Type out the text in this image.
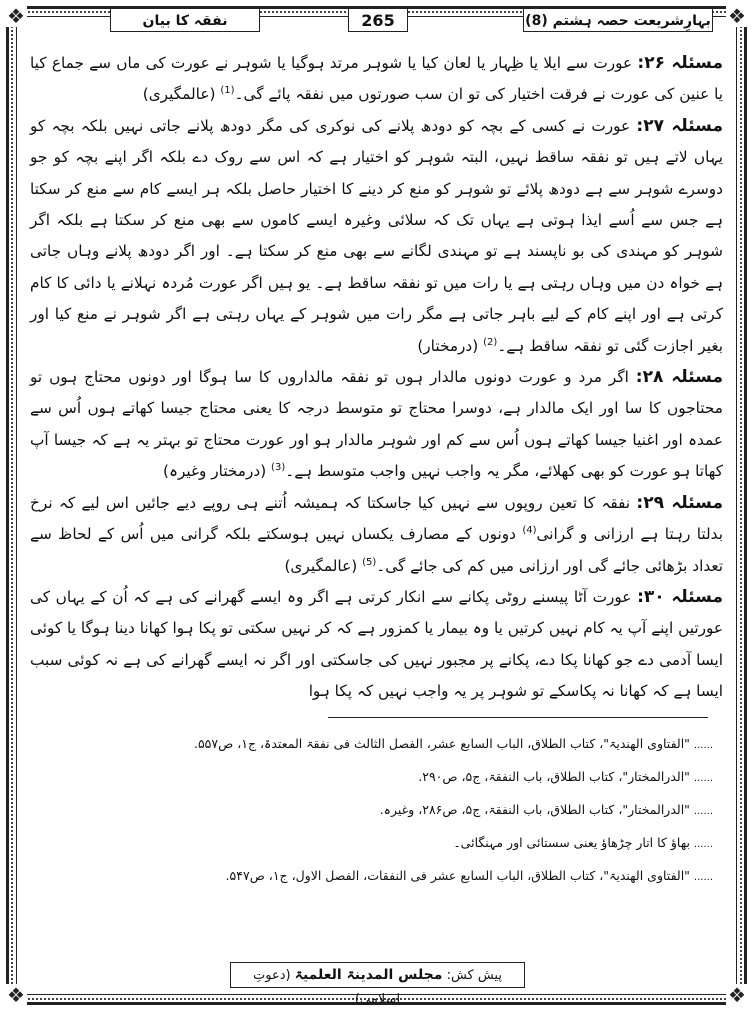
❖	❖
❖	❖
بہارِشریعت حصہ ہشتم (8)
265
نفقہ کا بیان

مسئلہ ۲۶: عورت سے ایلا یا ظِہار یا لعان کیا یا شوہر مرتد ہوگیا یا شوہر نے عورت کی ماں سے جماع کیا یا عنین کی عورت نے فرقت اختیار کی تو ان سب صورتوں میں نفقہ پائے گی۔$^{(1)}$ (عالمگیری)

مسئلہ ۲۷: عورت نے کسی کے بچہ کو دودھ پلانے کی نوکری کی مگر دودھ پلانے جاتی نہیں بلکہ بچہ کو یہاں لاتے ہیں تو نفقہ ساقط نہیں، البتہ شوہر کو اختیار ہے کہ اس سے روک دے بلکہ اگر اپنے بچہ کو جو دوسرے شوہر سے ہے دودھ پلائے تو شوہر کو منع کر دینے کا اختیار حاصل بلکہ ہر ایسے کام سے منع کر سکتا ہے جس سے اُسے ایذا ہوتی ہے یہاں تک کہ سلائی وغیرہ ایسے کاموں سے بھی منع کر سکتا ہے بلکہ اگر شوہر کو مہندی کی بو ناپسند ہے تو مہندی لگانے سے بھی منع کر سکتا ہے۔ اور اگر دودھ پلانے وہاں جاتی ہے خواہ دن میں وہاں رہتی ہے یا رات میں تو نفقہ ساقط ہے۔ یو ہیں اگر عورت مُردہ نہلانے یا دائی کا کام کرتی ہے اور اپنے کام کے لیے باہر جاتی ہے مگر رات میں شوہر کے یہاں رہتی ہے اگر شوہر نے منع کیا اور بغیر اجازت گئی تو نفقہ ساقط ہے۔$^{(2)}$ (درمختار)

مسئلہ ۲۸: اگر مرد و عورت دونوں مالدار ہوں تو نفقہ مالداروں کا سا ہوگا اور دونوں محتاج ہوں تو محتاجوں کا سا اور ایک مالدار ہے، دوسرا محتاج تو متوسط درجہ کا یعنی محتاج جیسا کھاتے ہوں اُس سے عمدہ اور اغنیا جیسا کھاتے ہوں اُس سے کم اور شوہر مالدار ہو اور عورت محتاج تو بہتر یہ ہے کہ جیسا آپ کھاتا ہو عورت کو بھی کھلائے، مگر یہ واجب نہیں واجب متوسط ہے۔$^{(3)}$ (درمختار وغیرہ)

مسئلہ ۲۹: نفقہ کا تعین روپوں سے نہیں کیا جاسکتا کہ ہمیشہ اُتنے ہی روپے دیے جائیں اس لیے کہ نرخ بدلتا رہتا ہے ارزانی و گرانی$^{(4)}$ دونوں کے مصارف یکساں نہیں ہوسکتے بلکہ گرانی میں اُس کے لحاظ سے تعداد بڑھائی جائے گی اور ارزانی میں کم کی جائے گی۔$^{(5)}$ (عالمگیری)

مسئلہ ۳۰: عورت آٹا پیسنے روٹی پکانے سے انکار کرتی ہے اگر وہ ایسے گھرانے کی ہے کہ اُن کے یہاں کی عورتیں اپنے آپ یہ کام نہیں کرتیں یا وہ بیمار یا کمزور ہے کہ کر نہیں سکتی تو پکا ہوا کھانا دینا ہوگا یا کوئی ایسا آدمی دے جو کھانا پکا دے، پکانے پر مجبور نہیں کی جاسکتی اور اگر نہ ایسے گھرانے کی ہے نہ کوئی سبب ایسا ہے کہ کھانا نہ پکاسکے تو شوہر پر یہ واجب نہیں کہ پکا ہوا

...... "الفتاوی الھندیۃ"، کتاب الطلاق، الباب السابع عشر، الفصل الثالث فی نفقۃ المعتدۃ، ج۱، ص۵۵۷.
...... "الدرالمختار"، کتاب الطلاق، باب النفقۃ، ج۵، ص۲۹۰.
...... "الدرالمختار"، کتاب الطلاق، باب النفقۃ، ج۵، ص۲۸۶، وغیرہ.
...... بھاؤ کا اتار چڑھاؤ یعنی سستائی اور مہنگائی۔
...... "الفتاوی الھندیۃ"، کتاب الطلاق، الباب السابع عشر فی النفقات، الفصل الاول، ج۱، ص۵۴۷.
پیش کش: مجلس المدینۃ العلمیۃ (دعوتِ اسلامی)
